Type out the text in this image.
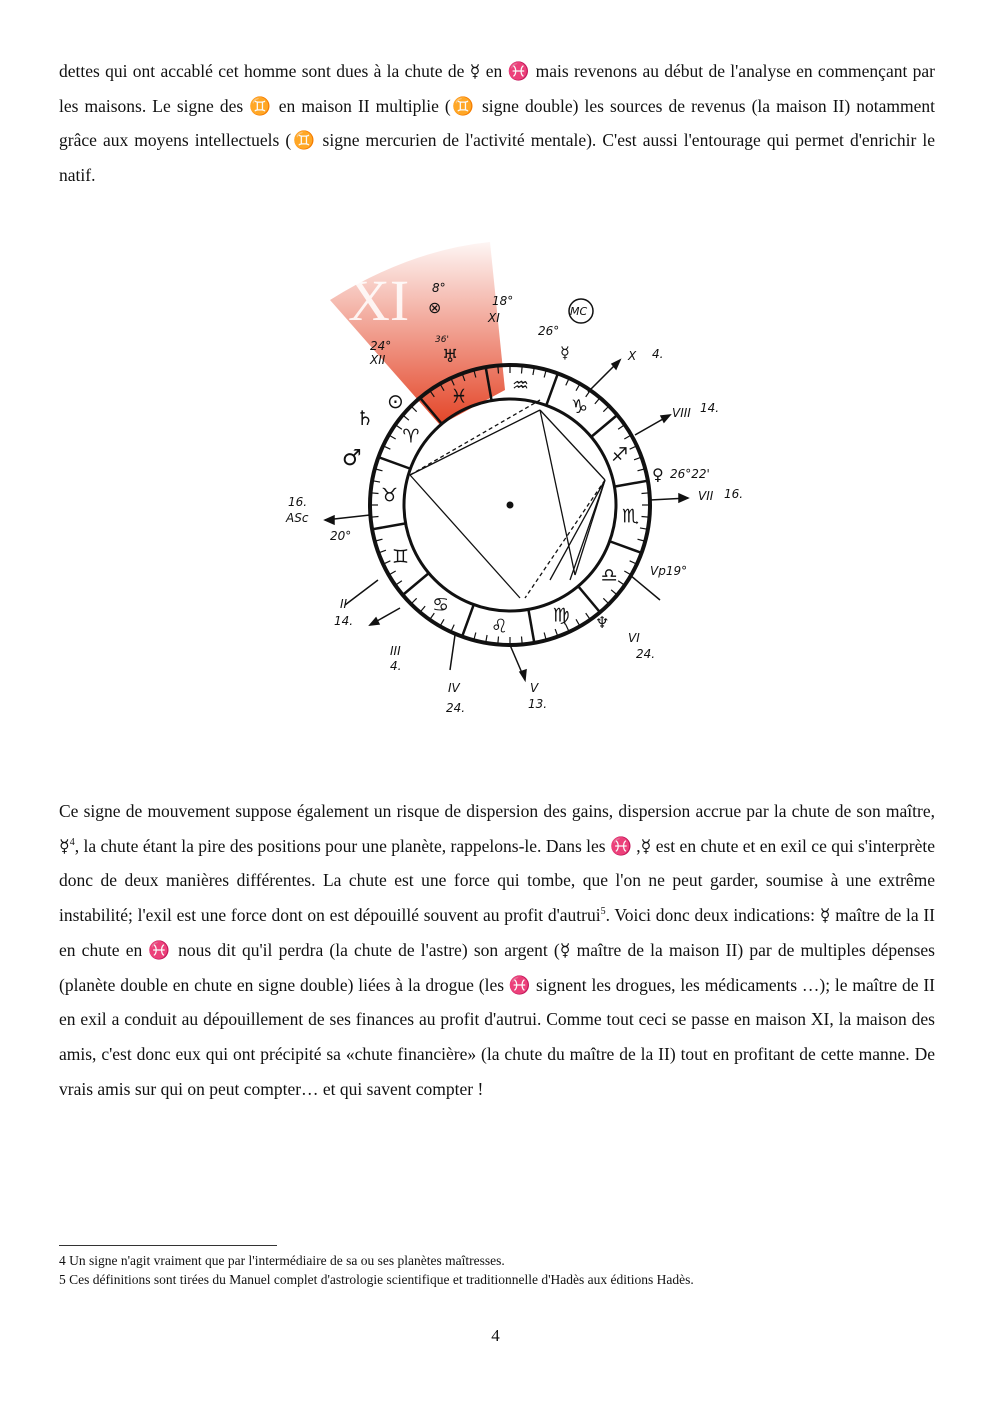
dettes qui ont accablé cet homme sont dues à la chute de ☿ en ♓ mais revenons au début de l'analyse en commençant par les maisons. Le signe des ♊ en maison II multiplie (♊ signe double) les sources de revenus (la maison II) notamment grâce aux moyens intellectuels (♊ signe mercurien de l'activité mentale). C'est aussi l'entourage qui permet d'enrichir le natif.

XI
♓ ♒
♑
♐
♏
♎
♍
♌
♋
♊
♉
♈
18°
XI	MC
26°
☿
8°
⊗
36'
♅
24°
XII
⊙
♄
♂
4.
X
VIII 14.
♀ 26°22'
VII 16.
Vp19°
♆
VI
24.
V
13.
IV
24.
III
4.
II
14.
16.
ASc
20°

Ce signe de mouvement suppose également un risque de dispersion des gains, dispersion accrue par la chute de son maître, ☿$^4$, la chute étant la pire des positions pour une planète, rappelons-le. Dans les ♓ ,☿ est en chute et en exil ce qui s'interprète donc de deux manières différentes. La chute est une force qui tombe, que l'on ne peut garder, soumise à une extrême instabilité; l'exil est une force dont on est dépouillé souvent au profit d'autrui$^5$. Voici donc deux indications: ☿ maître de la II en chute en ♓ nous dit qu'il perdra (la chute de l'astre) son argent (☿ maître de la maison II) par de multiples dépenses (planète double en chute en signe double) liées à la drogue (les ♓ signent les drogues, les médicaments …); le maître de II en exil a conduit au dépouillement de ses finances au profit d'autrui. Comme tout ceci se passe en maison XI, la maison des amis, c'est donc eux qui ont précipité sa «chute financière» (la chute du maître de la II) tout en profitant de cette manne. De vrais amis sur qui on peut compter… et qui savent compter !

4 Un signe n'agit vraiment que par l'intermédiaire de sa ou ses planètes maîtresses.

5 Ces définitions sont tirées du Manuel complet d'astrologie scientifique et traditionnelle d'Hadès aux éditions Hadès.

4
